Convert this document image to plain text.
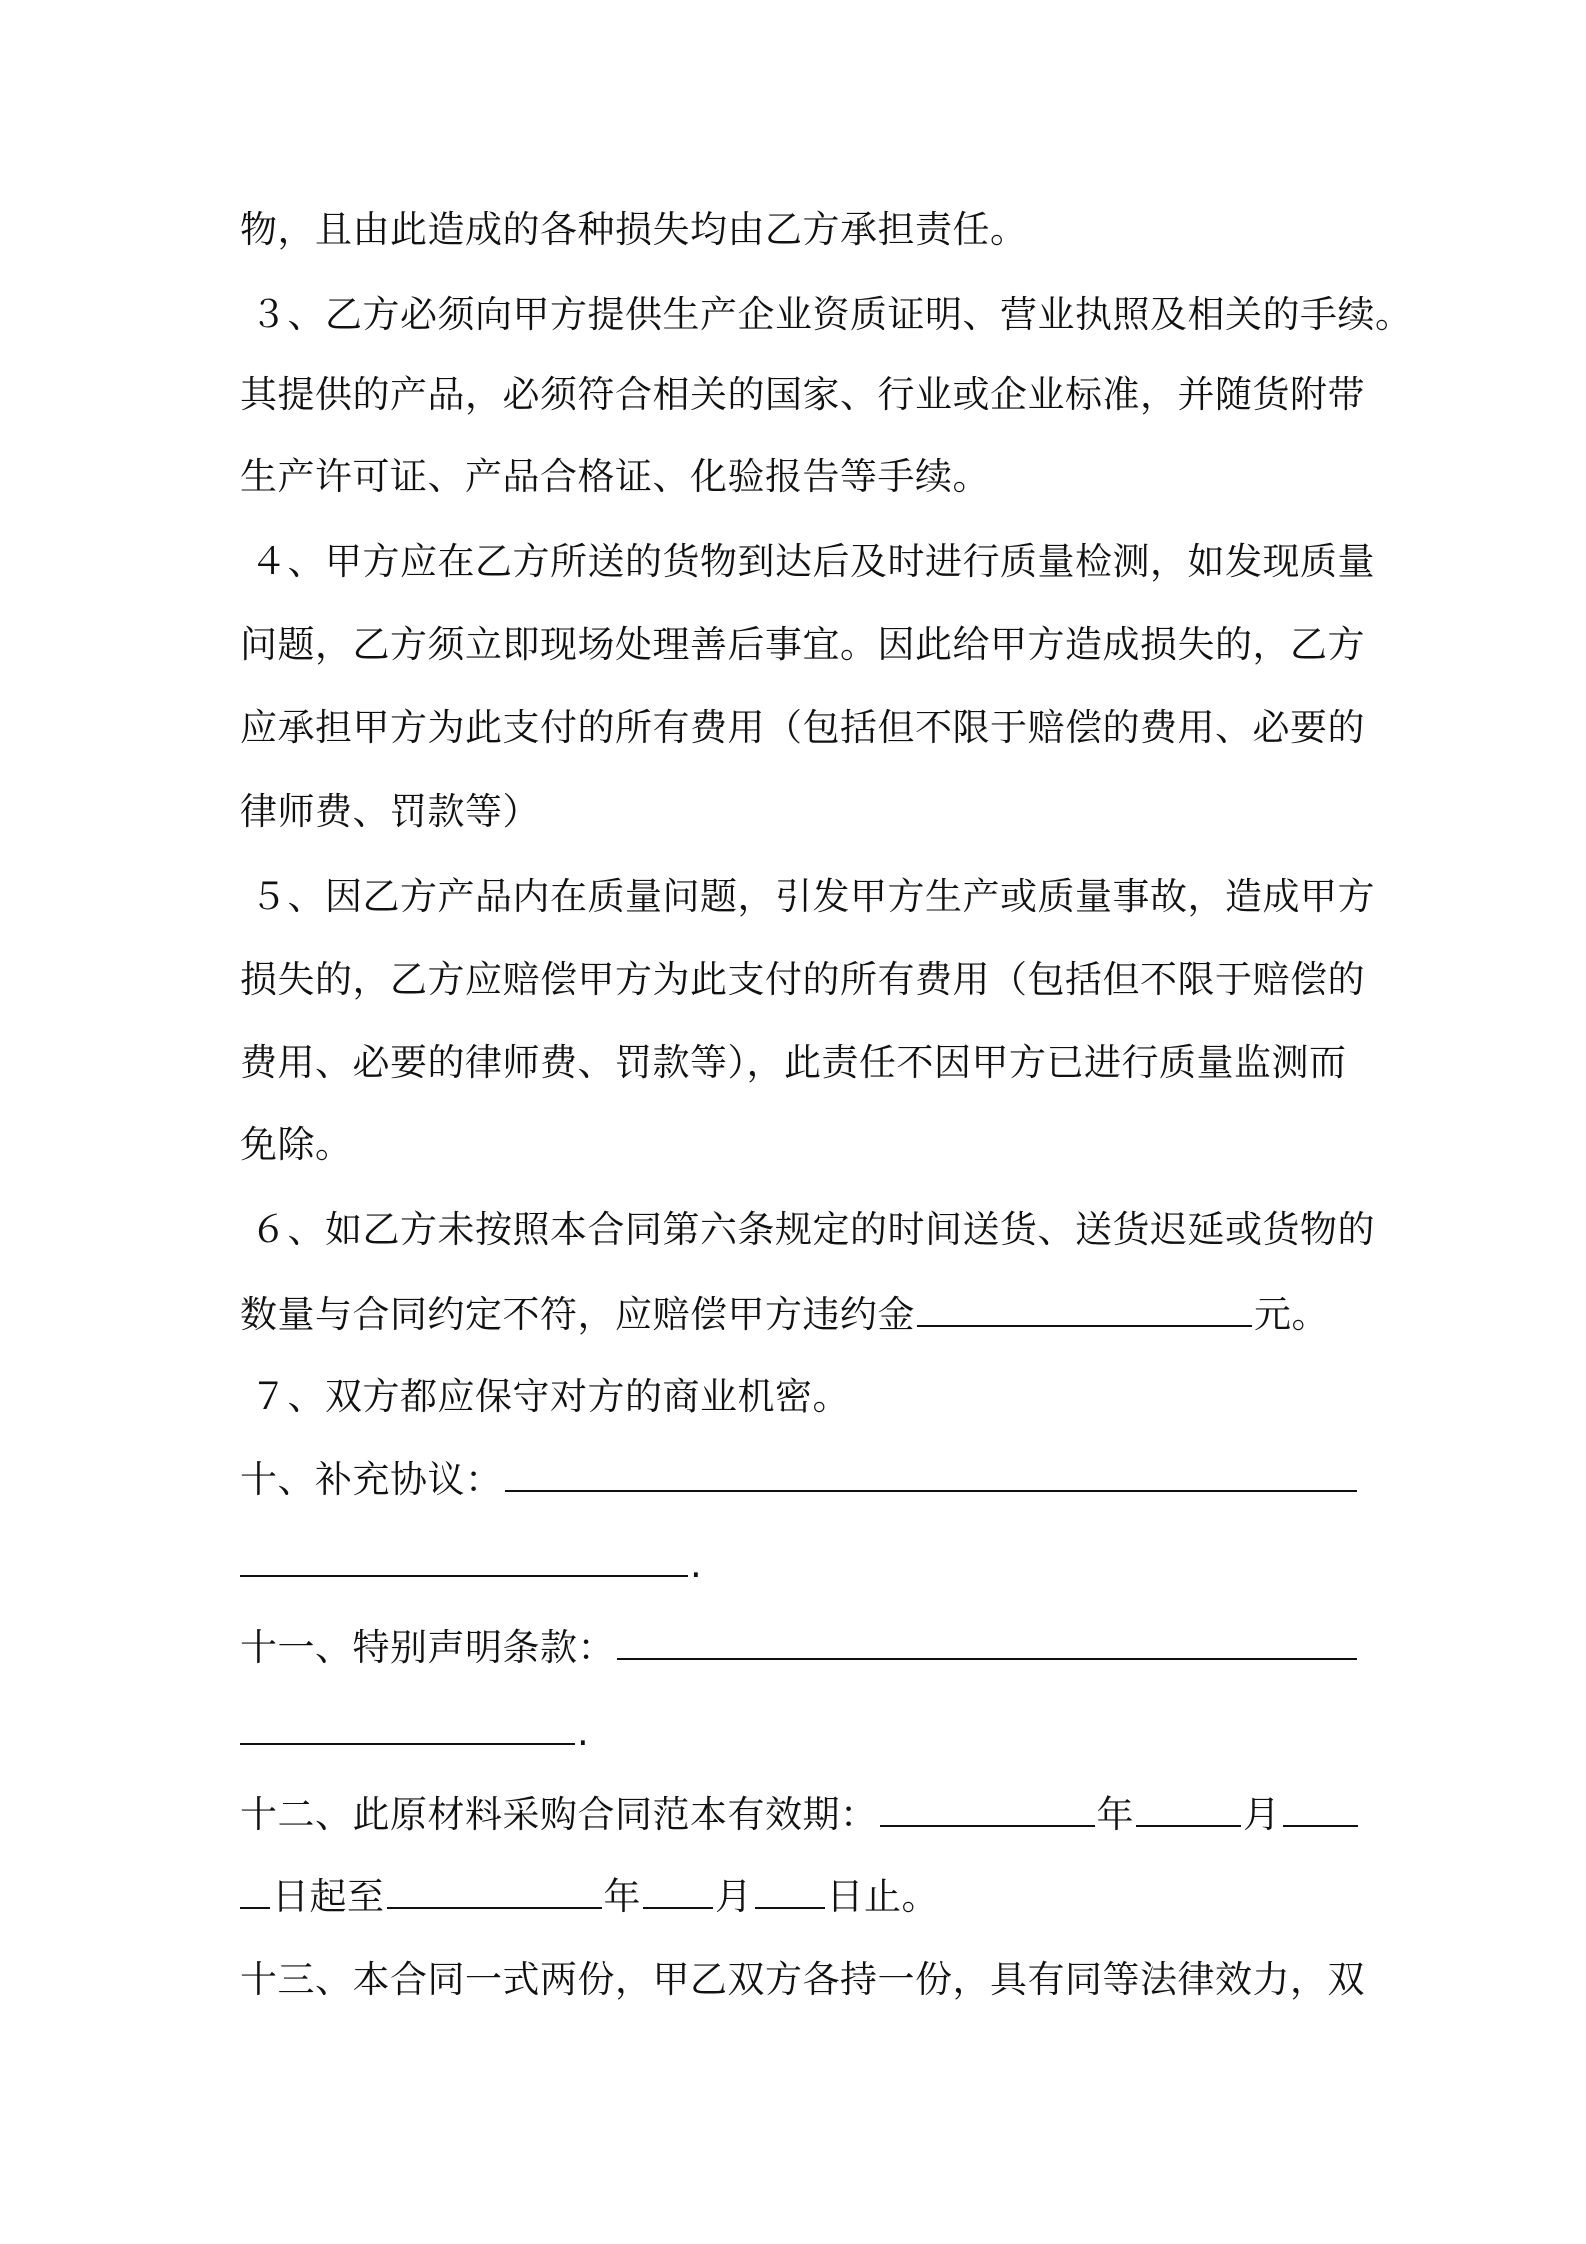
物，且由此造成的各种损失均由乙方承担责任。
３、乙方必须向甲方提供生产企业资质证明、营业执照及相关的手续。
其提供的产品，必须符合相关的国家、行业或企业标准，并随货附带
生产许可证、产品合格证、化验报告等手续。
４、甲方应在乙方所送的货物到达后及时进行质量检测，如发现质量
问题，乙方须立即现场处理善后事宜。因此给甲方造成损失的，乙方
应承担甲方为此支付的所有费用（包括但不限于赔偿的费用、必要的
律师费、罚款等）
５、因乙方产品内在质量问题，引发甲方生产或质量事故，造成甲方
损失的，乙方应赔偿甲方为此支付的所有费用（包括但不限于赔偿的
费用、必要的律师费、罚款等），此责任不因甲方已进行质量监测而
免除。
６、如乙方未按照本合同第六条规定的时间送货、送货迟延或货物的
数量与合同约定不符，应赔偿甲方违约金	元。
７、双方都应保守对方的商业机密。
十、补充协议：
.
十一、特别声明条款：
.
十二、此原材料采购合同范本有效期：	年	月
日起至	年 月 日止。
十三、本合同一式两份，甲乙双方各持一份，具有同等法律效力，双
